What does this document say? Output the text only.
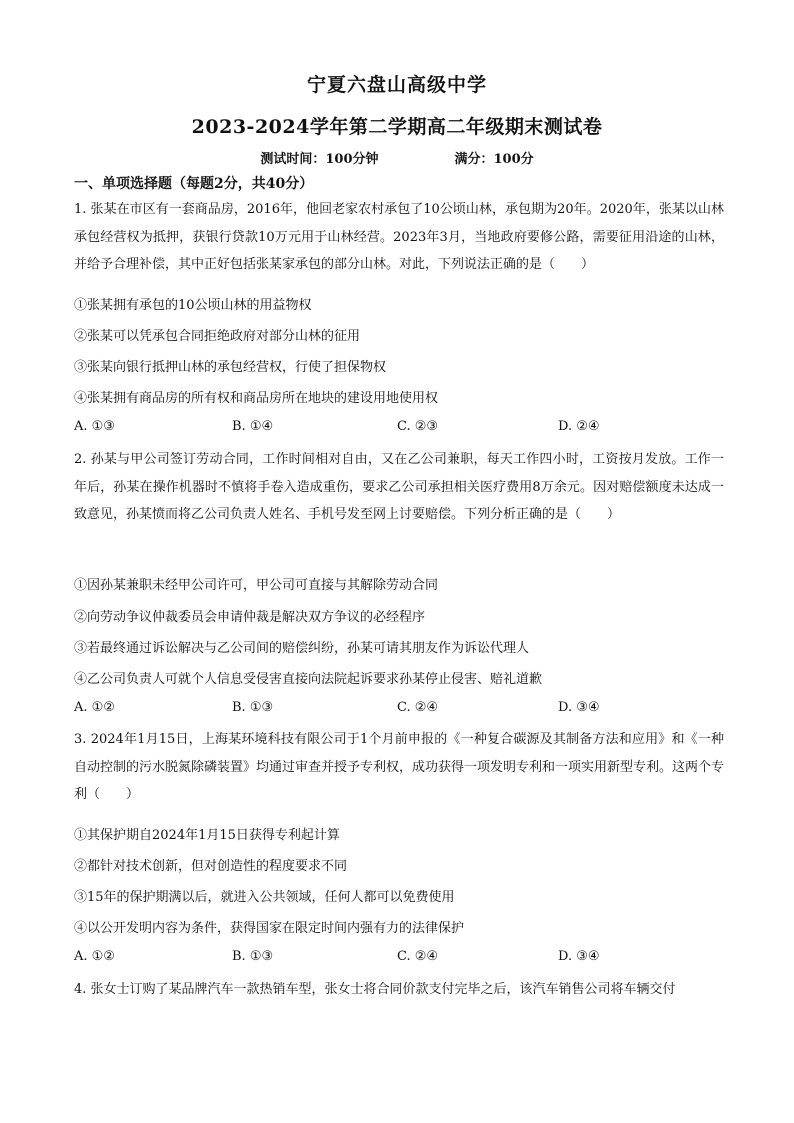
宁夏六盘山高级中学
2023-2024学年第二学期高二年级期末测试卷
测试时间：100分钟	满分：100分
一、单项选择题（每题2分，共40分）
1. 张某在市区有一套商品房，2016年，他回老家农村承包了10公顷山林，承包期为20年。2020年，张某以山林承包经营权为抵押，获银行贷款10万元用于山林经营。2023年3月，当地政府要修公路，需要征用沿途的山林，并给予合理补偿，其中正好包括张某家承包的部分山林。对此，下列说法正确的是（　　）
①张某拥有承包的10公顷山林的用益物权
②张某可以凭承包合同拒绝政府对部分山林的征用
③张某向银行抵押山林的承包经营权，行使了担保物权
④张某拥有商品房的所有权和商品房所在地块的建设用地使用权
A. ①③	B. ①④	C. ②③	D. ②④
2. 孙某与甲公司签订劳动合同，工作时间相对自由，又在乙公司兼职，每天工作四小时，工资按月发放。工作一年后，孙某在操作机器时不慎将手卷入造成重伤，要求乙公司承担相关医疗费用8万余元。因对赔偿额度未达成一致意见，孙某愤而将乙公司负责人姓名、手机号发至网上讨要赔偿。下列分析正确的是（　　）
①因孙某兼职未经甲公司许可，甲公司可直接与其解除劳动合同
②向劳动争议仲裁委员会申请仲裁是解决双方争议的必经程序
③若最终通过诉讼解决与乙公司间的赔偿纠纷，孙某可请其朋友作为诉讼代理人
④乙公司负责人可就个人信息受侵害直接向法院起诉要求孙某停止侵害、赔礼道歉
A. ①②	B. ①③	C. ②④	D. ③④
3. 2024年1月15日，上海某环境科技有限公司于1个月前申报的《一种复合碳源及其制备方法和应用》和《一种自动控制的污水脱氮除磷装置》均通过审查并授予专利权，成功获得一项发明专利和一项实用新型专利。这两个专利（　　）
①其保护期自2024年1月15日获得专利起计算
②都针对技术创新，但对创造性的程度要求不同
③15年的保护期满以后，就进入公共领域，任何人都可以免费使用
④以公开发明内容为条件，获得国家在限定时间内强有力的法律保护
A. ①②	B. ①③	C. ②④	D. ③④
4. 张女士订购了某品牌汽车一款热销车型，张女士将合同价款支付完毕之后，该汽车销售公司将车辆交付
